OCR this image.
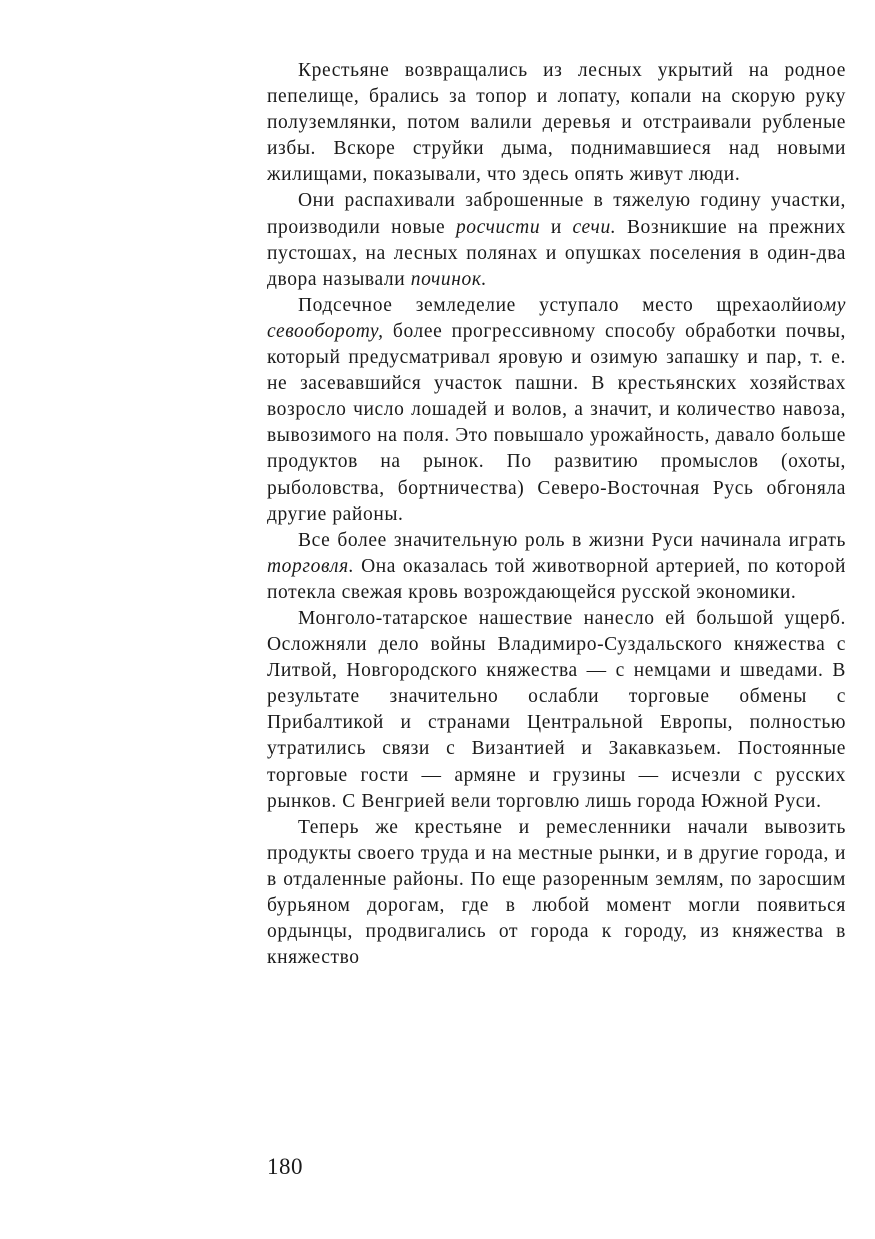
Крестьяне возвращались из лесных укрытий на родное пепелище, брались за топор и лопату, копали на скорую руку полуземлянки, потом валили деревья и отстраивали рубленые избы. Вскоре струйки дыма, поднимавшиеся над новыми жилищами, показывали, что здесь опять живут люди.

Они распахивали заброшенные в тяжелую годину участки, производили новые росчисти и сечи. Возникшие на прежних пустошах, на лесных полянах и опушках поселения в один-два двора называли починок.

Подсечное земледелие уступало место щрехаолйиому севообороту, более прогрессивному способу обработки почвы, который предусматривал яровую и озимую запашку и пар, т. е. не засевавшийся участок пашни. В крестьянских хозяйствах возросло число лошадей и волов, а значит, и количество навоза, вывозимого на поля. Это повышало урожайность, давало больше продуктов на рынок. По развитию промыслов (охоты, рыболовства, бортничества) Северо-Восточная Русь обгоняла другие районы.

Все более значительную роль в жизни Руси начинала играть торговля. Она оказалась той животворной артерией, по которой потекла свежая кровь возрождающейся русской экономики.

Монголо-татарское нашествие нанесло ей большой ущерб. Осложняли дело войны Владимиро-Суздальского княжества с Литвой, Новгородского княжества — с немцами и шведами. В результате значительно ослабли торговые обмены с Прибалтикой и странами Центральной Европы, полностью утратились связи с Византией и Закавказьем. Постоянные торговые гости — армяне и грузины — исчезли с русских рынков. С Венгрией вели торговлю лишь города Южной Руси.

Теперь же крестьяне и ремесленники начали вывозить продукты своего труда и на местные рынки, и в другие города, и в отдаленные районы. По еще разоренным землям, по заросшим бурьяном дорогам, где в любой момент могли появиться ордынцы, продвигались от города к городу, из княжества в княжество

180
